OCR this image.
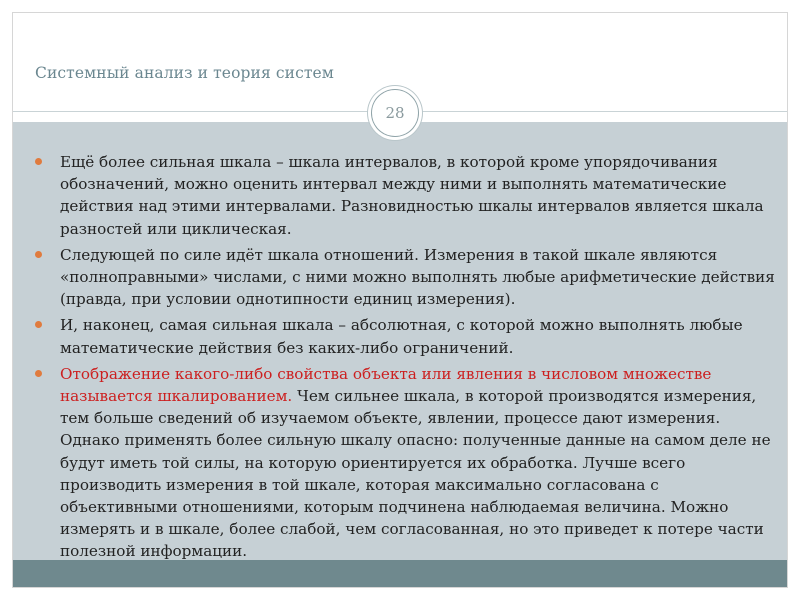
Системный анализ и теория систем
28
Ещё более сильная шкала – шкала интервалов, в которой кроме упорядочивания обозначений, можно оценить интервал между ними и выполнять математические действия над этими интервалами. Разновидностью шкалы интервалов является шкала разностей или циклическая.
Следующей по силе идёт шкала отношений. Измерения в такой шкале являются «полноправными» числами, с ними можно выполнять любые арифметические действия (правда, при условии однотипности единиц измерения).
И, наконец, самая сильная шкала – абсолютная, с которой можно выполнять любые математические действия без каких-либо ограничений.
Отображение какого-либо свойства объекта или явления в числовом множестве называется шкалированием. Чем сильнее шкала, в которой производятся измерения, тем больше сведений об изучаемом объекте, явлении, процессе дают измерения. Однако применять более сильную шкалу опасно: полученные данные на самом деле не будут иметь той силы, на которую ориентируется их обработка. Лучше всего производить измерения в той шкале, которая максимально согласована с объективными отношениями, которым подчинена наблюдаемая величина. Можно измерять и в шкале, более слабой, чем согласованная, но это приведет к потере части полезной информации.
